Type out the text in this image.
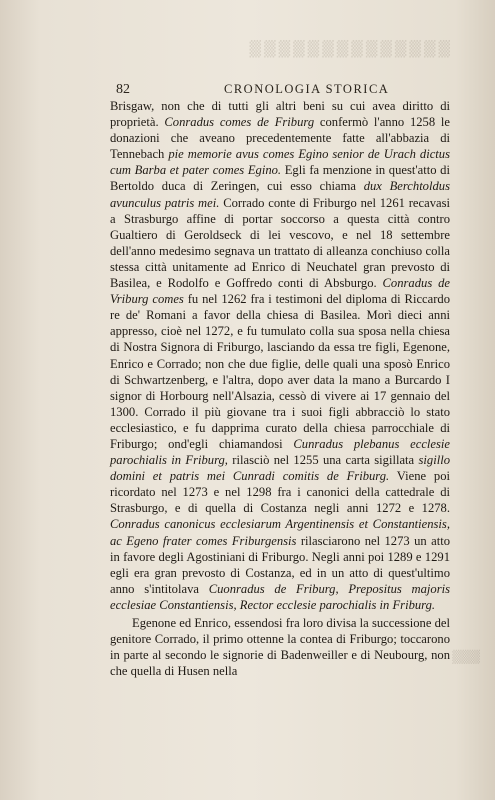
▒▒▒▒▒▒▒▒▒▒▒▒▒▒
▒▒▒
82	CRONOLOGIA STORICA

Brisgaw, non che di tutti gli altri beni su cui avea diritto di proprietà. Conradus comes de Friburg confermò l'anno 1258 le donazioni che aveano precedentemente fatte all'abbazia di Tennebach pie memorie avus comes Egino senior de Urach dictus cum Barba et pater comes Egino. Egli fa menzione in quest'atto di Bertoldo duca di Zeringen, cui esso chiama dux Berchtoldus avunculus patris mei. Corrado conte di Friburgo nel 1261 recavasi a Strasburgo affine di portar soccorso a questa città contro Gualtiero di Geroldseck di lei vescovo, e nel 18 settembre dell'anno medesimo segnava un trattato di alleanza conchiuso colla stessa città unitamente ad Enrico di Neuchatel gran prevosto di Basilea, e Rodolfo e Goffredo conti di Absburgo. Conradus de Vriburg comes fu nel 1262 fra i testimoni del diploma di Riccardo re de' Romani a favor della chiesa di Basilea. Morì dieci anni appresso, cioè nel 1272, e fu tumulato colla sua sposa nella chiesa di Nostra Signora di Friburgo, lasciando da essa tre figli, Egenone, Enrico e Corrado; non che due figlie, delle quali una sposò Enrico di Schwartzenberg, e l'altra, dopo aver data la mano a Burcardo I signor di Horbourg nell'Alsazia, cessò di vivere ai 17 gennaio del 1300. Corrado il più giovane tra i suoi figli abbracciò lo stato ecclesiastico, e fu dapprima curato della chiesa parrocchiale di Friburgo; ond'egli chiamandosi Cunradus plebanus ecclesie parochialis in Friburg, rilasciò nel 1255 una carta sigillata sigillo domini et patris mei Cunradi comitis de Friburg. Viene poi ricordato nel 1273 e nel 1298 fra i canonici della cattedrale di Strasburgo, e di quella di Costanza negli anni 1272 e 1278. Conradus canonicus ecclesiarum Argentinensis et Constantiensis, ac Egeno frater comes Friburgensis rilasciarono nel 1273 un atto in favore degli Agostiniani di Friburgo. Negli anni poi 1289 e 1291 egli era gran prevosto di Costanza, ed in un atto di quest'ultimo anno s'intitolava Cuonradus de Friburg, Prepositus majoris ecclesiae Constantiensis, Rector ecclesie parochialis in Friburg.

Egenone ed Enrico, essendosi fra loro divisa la successione del genitore Corrado, il primo ottenne la contea di Friburgo; toccarono in parte al secondo le signorie di Badenweiller e di Neubourg, non che quella di Husen nella
